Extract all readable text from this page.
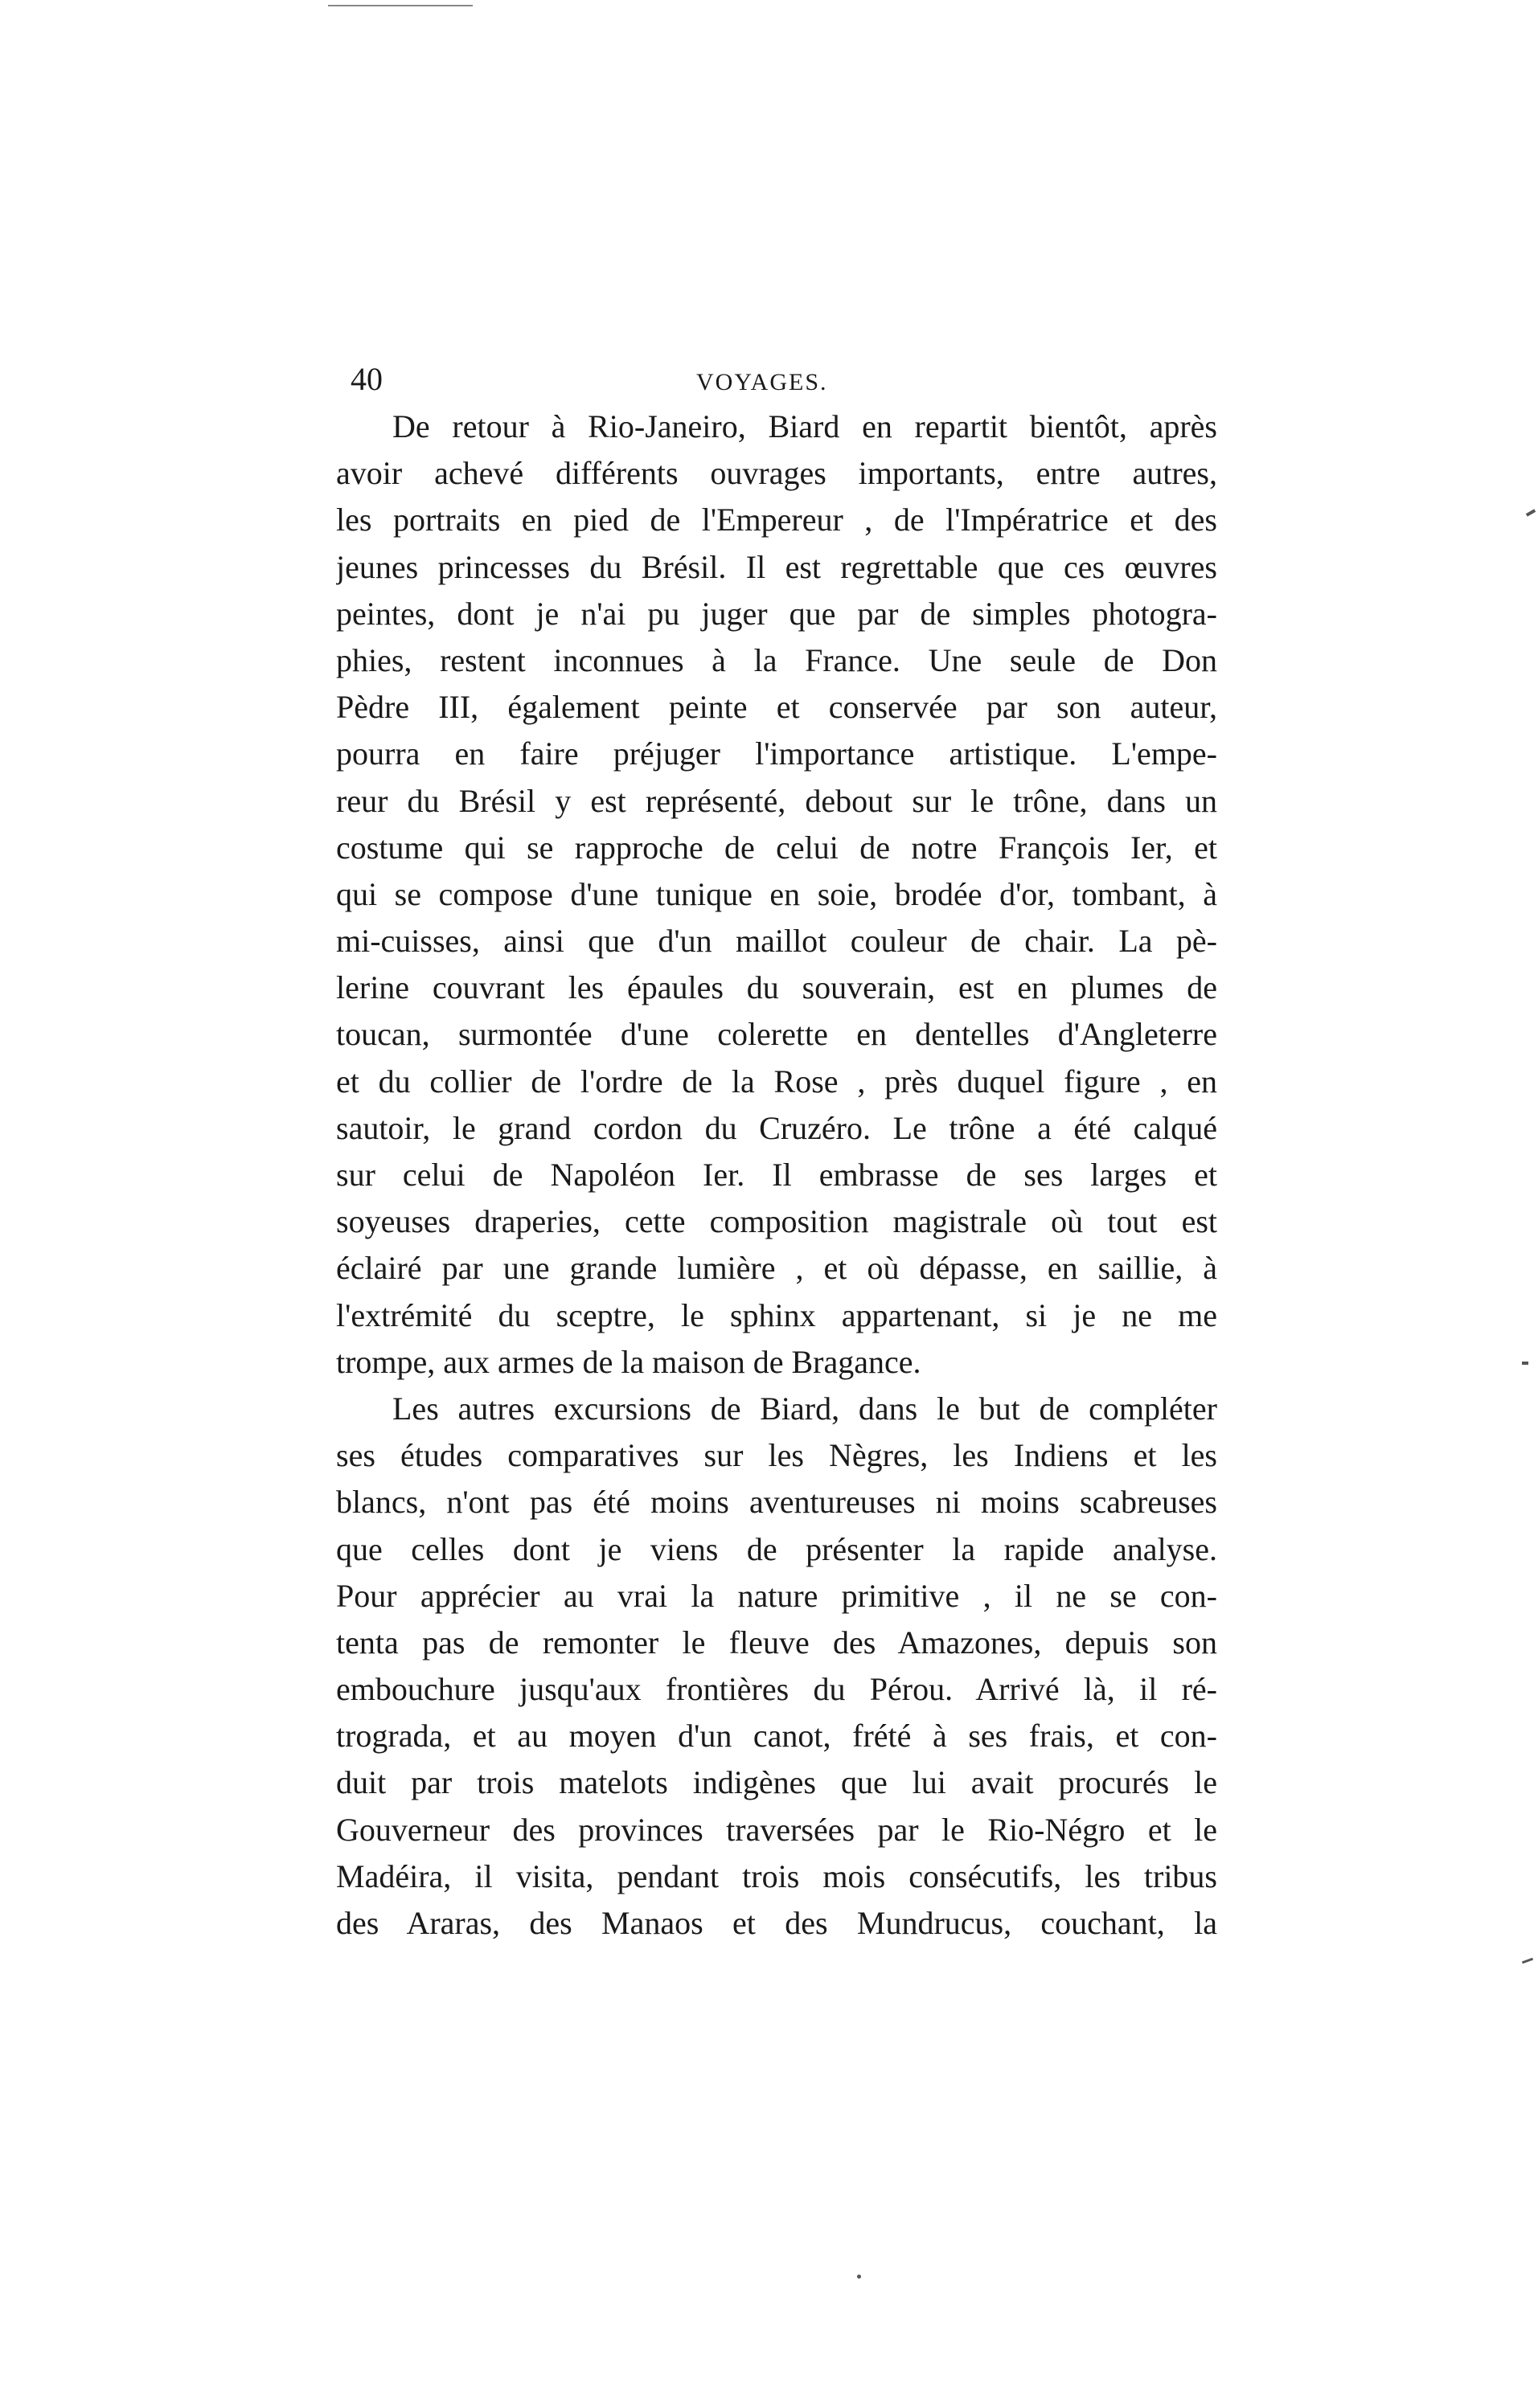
40	VOYAGES.
De retour à Rio-Janeiro, Biard en repartit bientôt, après
avoir achevé différents ouvrages importants, entre autres,
les portraits en pied de l'Empereur , de l'Impératrice et des
jeunes princesses du Brésil. Il est regrettable que ces œuvres
peintes, dont je n'ai pu juger que par de simples photogra-
phies, restent inconnues à la France. Une seule de Don
Pèdre III, également peinte et conservée par son auteur,
pourra en faire préjuger l'importance artistique. L'empe-
reur du Brésil y est représenté, debout sur le trône, dans un
costume qui se rapproche de celui de notre François Ier, et
qui se compose d'une tunique en soie, brodée d'or, tombant, à
mi-cuisses, ainsi que d'un maillot couleur de chair. La pè-
lerine couvrant les épaules du souverain, est en plumes de
toucan, surmontée d'une colerette en dentelles d'Angleterre
et du collier de l'ordre de la Rose , près duquel figure , en
sautoir, le grand cordon du Cruzéro. Le trône a été calqué
sur celui de Napoléon Ier. Il embrasse de ses larges et
soyeuses draperies, cette composition magistrale où tout est
éclairé par une grande lumière , et où dépasse, en saillie, à
l'extrémité du sceptre, le sphinx appartenant, si je ne me
trompe, aux armes de la maison de Bragance.
Les autres excursions de Biard, dans le but de compléter
ses études comparatives sur les Nègres, les Indiens et les
blancs, n'ont pas été moins aventureuses ni moins scabreuses
que celles dont je viens de présenter la rapide analyse.
Pour apprécier au vrai la nature primitive , il ne se con-
tenta pas de remonter le fleuve des Amazones, depuis son
embouchure jusqu'aux frontières du Pérou. Arrivé là, il ré-
trograda, et au moyen d'un canot, frété à ses frais, et con-
duit par trois matelots indigènes que lui avait procurés le
Gouverneur des provinces traversées par le Rio-Négro et le
Madéira, il visita, pendant trois mois consécutifs, les tribus
des Araras, des Manaos et des Mundrucus, couchant, la
